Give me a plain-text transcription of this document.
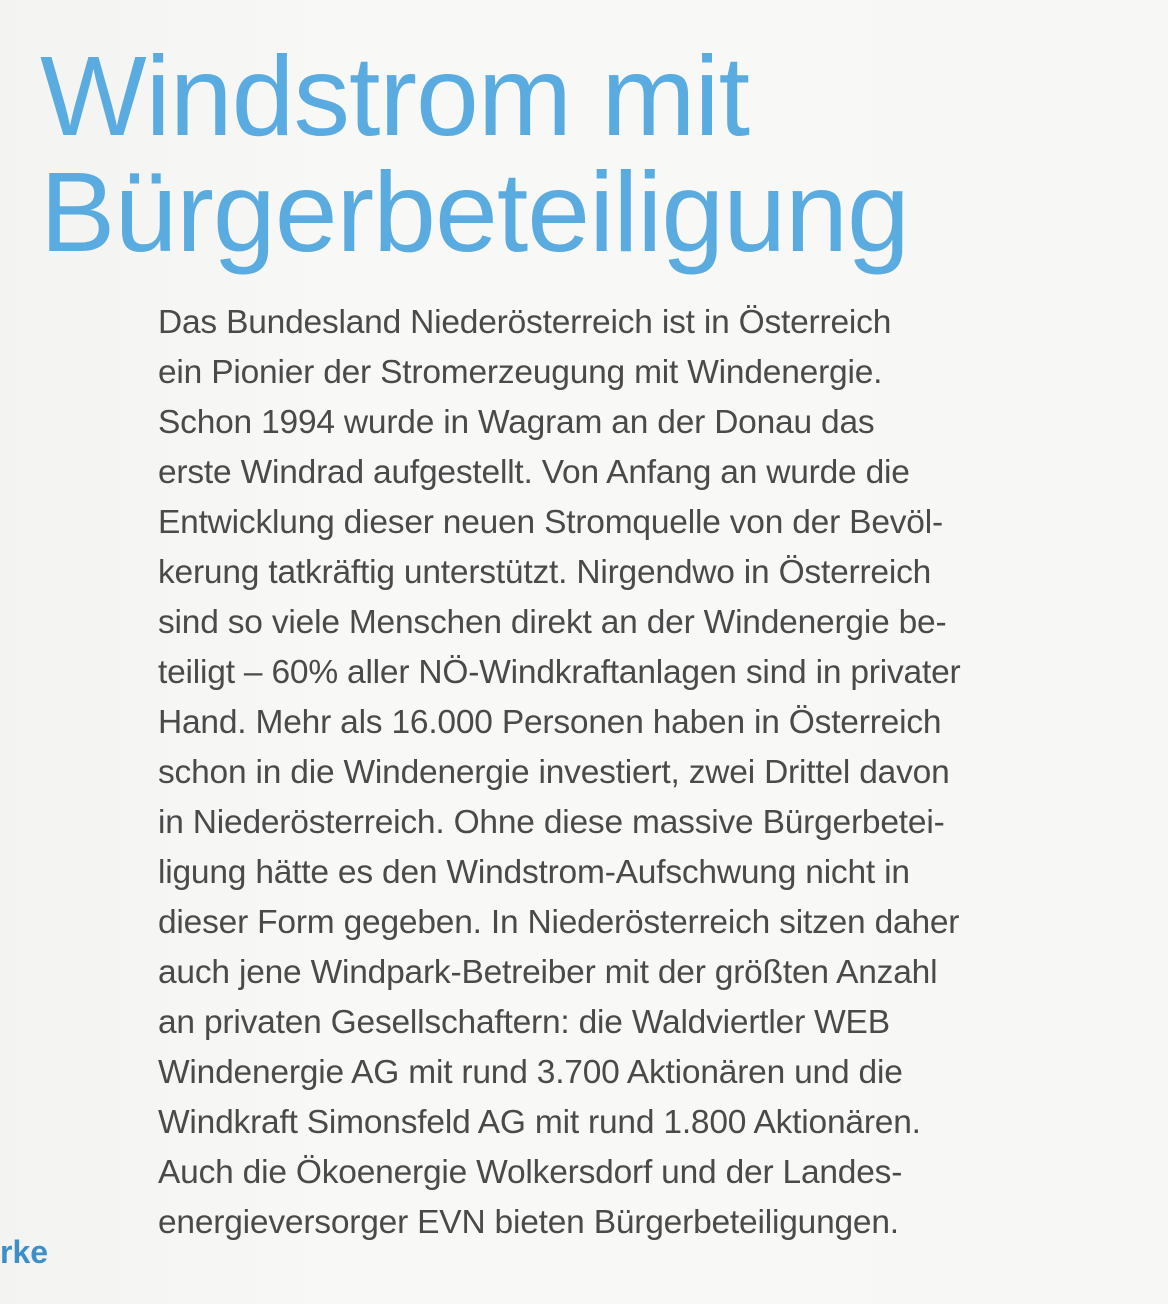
Windstrom mit
Bürgerbeteiligung
Das Bundesland Niederösterreich ist in Österreich
ein Pionier der Stromerzeugung mit Windenergie.
Schon 1994 wurde in Wagram an der Donau das
erste Windrad aufgestellt. Von Anfang an wurde die
Entwicklung dieser neuen Stromquelle von der Bevöl-
kerung tatkräftig unterstützt. Nirgendwo in Österreich
sind so viele Menschen direkt an der Windenergie be-
teiligt – 60% aller NÖ-Windkraftanlagen sind in privater
Hand. Mehr als 16.000 Personen haben in Österreich
schon in die Windenergie investiert, zwei Drittel davon
in Niederösterreich. Ohne diese massive Bürgerbetei-
ligung hätte es den Windstrom-Aufschwung nicht in
dieser Form gegeben. In Niederösterreich sitzen daher
auch jene Windpark-Betreiber mit der größten Anzahl
an privaten Gesellschaftern: die Waldviertler WEB
Windenergie AG mit rund 3.700 Aktionären und die
Windkraft Simonsfeld AG mit rund 1.800 Aktionären.
Auch die Ökoenergie Wolkersdorf und der Landes-
energieversorger EVN bieten Bürgerbeteiligungen.
rke
